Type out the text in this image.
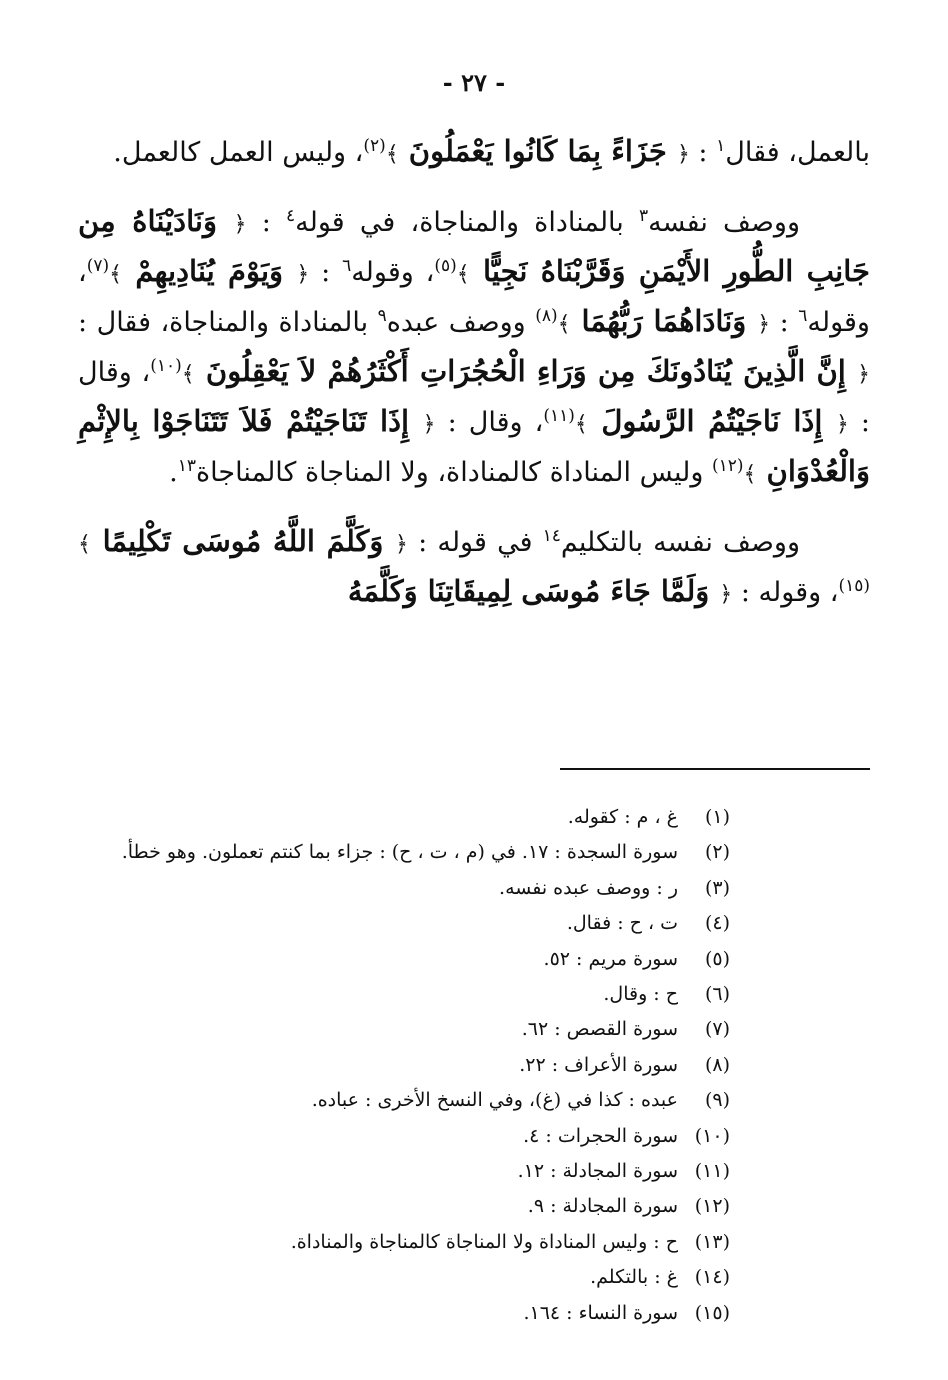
- ٢٧ -

بالعمل، فقال$^١$ : ﴿ جَزَاءً بِمَا كَانُوا يَعْمَلُونَ ﴾$^{(٢)}$، وليس العمل كالعمل.

ووصف نفسه$^٣$ بالمناداة والمناجاة، في قوله$^٤$ : ﴿ وَنَادَيْنَاهُ مِن جَانِبِ الطُّورِ الأَيْمَنِ وَقَرَّبْنَاهُ نَجِيًّا ﴾$^{(٥)}$، وقوله$^٦$ : ﴿ وَيَوْمَ يُنَادِيهِمْ ﴾$^{(٧)}$، وقوله$^٦$ : ﴿ وَنَادَاهُمَا رَبُّهُمَا ﴾$^{(٨)}$ ووصف عبده$^٩$ بالمناداة والمناجاة، فقال : ﴿ إِنَّ الَّذِينَ يُنَادُونَكَ مِن وَرَاءِ الْحُجُرَاتِ أَكْثَرُهُمْ لاَ يَعْقِلُونَ ﴾$^{(١٠)}$، وقال : ﴿ إِذَا نَاجَيْتُمُ الرَّسُولَ ﴾$^{(١١)}$، وقال : ﴿ إِذَا تَنَاجَيْتُمْ فَلاَ تَتَنَاجَوْا بِالإِثْمِ وَالْعُدْوَانِ ﴾$^{(١٢)}$ وليس المناداة كالمناداة، ولا المناجاة كالمناجاة$^{١٣}$.

ووصف نفسه بالتكليم$^{١٤}$ في قوله : ﴿ وَكَلَّمَ اللَّهُ مُوسَى تَكْلِيمًا ﴾$^{(١٥)}$، وقوله : ﴿ وَلَمَّا جَاءَ مُوسَى لِمِيقَاتِنَا وَكَلَّمَهُ

(١)
غ ، م : كقوله.
(٢)
سورة السجدة : ١٧. في (م ، ت ، ح) : جزاء بما كنتم تعملون. وهو خطأ.
(٣)
ر : ووصف عبده نفسه.
(٤)
ت ، ح : فقال.
(٥)
سورة مريم : ٥٢.
(٦)
ح : وقال.
(٧)
سورة القصص : ٦٢.
(٨)
سورة الأعراف : ٢٢.
(٩)
عبده : كذا في (غ)، وفي النسخ الأخرى : عباده.
(١٠)
سورة الحجرات : ٤.
(١١)
سورة المجادلة : ١٢.
(١٢)
سورة المجادلة : ٩.
(١٣)
ح : وليس المناداة ولا المناجاة كالمناجاة والمناداة.
(١٤)
غ : بالتكلم.
(١٥)
سورة النساء : ١٦٤.
